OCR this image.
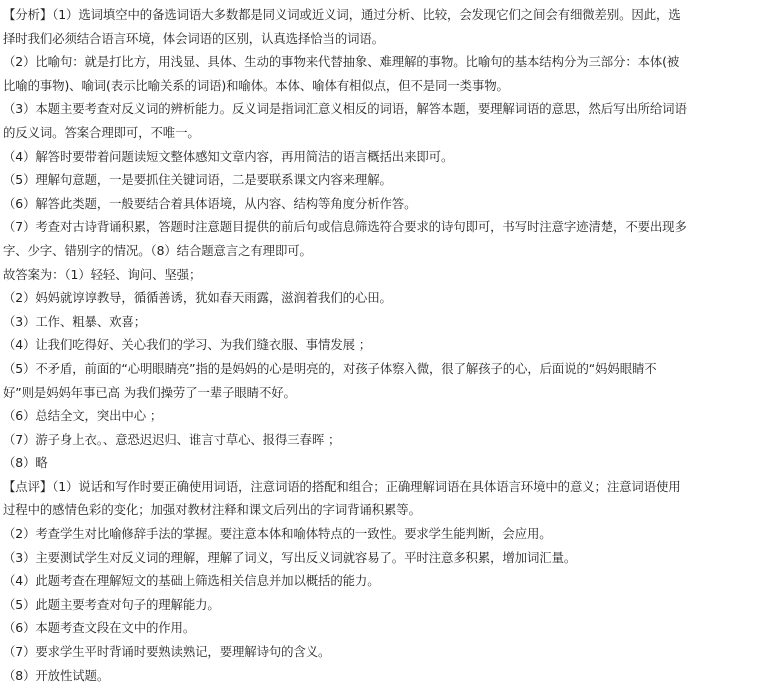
【分析】（1）选词填空中的备选词语大多数都是同义词或近义词，通过分析、比较，会发现它们之间会有细微差别。因此，选
择时我们必须结合语言环境，体会词语的区别，认真选择恰当的词语。
（2）比喻句：就是打比方，用浅显、具体、生动的事物来代替抽象、难理解的事物。比喻句的基本结构分为三部分：本体(被
比喻的事物)、喻词(表示比喻关系的词语)和喻体。本体、喻体有相似点，但不是同一类事物。
（3）本题主要考查对反义词的辨析能力。反义词是指词汇意义相反的词语，解答本题，要理解词语的意思，然后写出所给词语
的反义词。答案合理即可，不唯一。
（4）解答时要带着问题读短文整体感知文章内容，再用简洁的语言概括出来即可。
（5）理解句意题，一是要抓住关键词语，二是要联系课文内容来理解。
（6）解答此类题，一般要结合着具体语境，从内容、结构等角度分析作答。
（7）考查对古诗背诵积累，答题时注意题目提供的前后句或信息筛选符合要求的诗句即可，书写时注意字迹清楚，不要出现多
字、少字、错别字的情况。（8）结合题意言之有理即可。
故答案为：（1）轻轻、询问、坚强；
（2）妈妈就谆谆教导，循循善诱，犹如春天雨露，滋润着我们的心田。
（3）工作、粗暴、欢喜；
（4）让我们吃得好、关心我们的学习、为我们缝衣服、事情发展 ；
（5）不矛盾，前面的“心明眼睛亮”指的是妈妈的心是明亮的，对孩子体察入微，很了解孩子的心，后面说的“妈妈眼睛不
好”则是妈妈年事已高 为我们操劳了一辈子眼睛不好。
（6）总结全文，突出中心 ；
（7）游子身上衣。、意恐迟迟归、谁言寸草心、报得三春晖 ；
（8）略
【点评】（1）说话和写作时要正确使用词语，注意词语的搭配和组合；正确理解词语在具体语言环境中的意义；注意词语使用
过程中的感情色彩的变化；加强对教材注释和课文后列出的字词背诵积累等。
（2）考查学生对比喻修辞手法的掌握。要注意本体和喻体特点的一致性。要求学生能判断，会应用。
（3）主要测试学生对反义词的理解，理解了词义，写出反义词就容易了。平时注意多积累，增加词汇量。
（4）此题考查在理解短文的基础上筛选相关信息并加以概括的能力。
（5）此题主要考查对句子的理解能力。
（6）本题考查文段在文中的作用。
（7）要求学生平时背诵时要熟读熟记，要理解诗句的含义。
（8）开放性试题。
